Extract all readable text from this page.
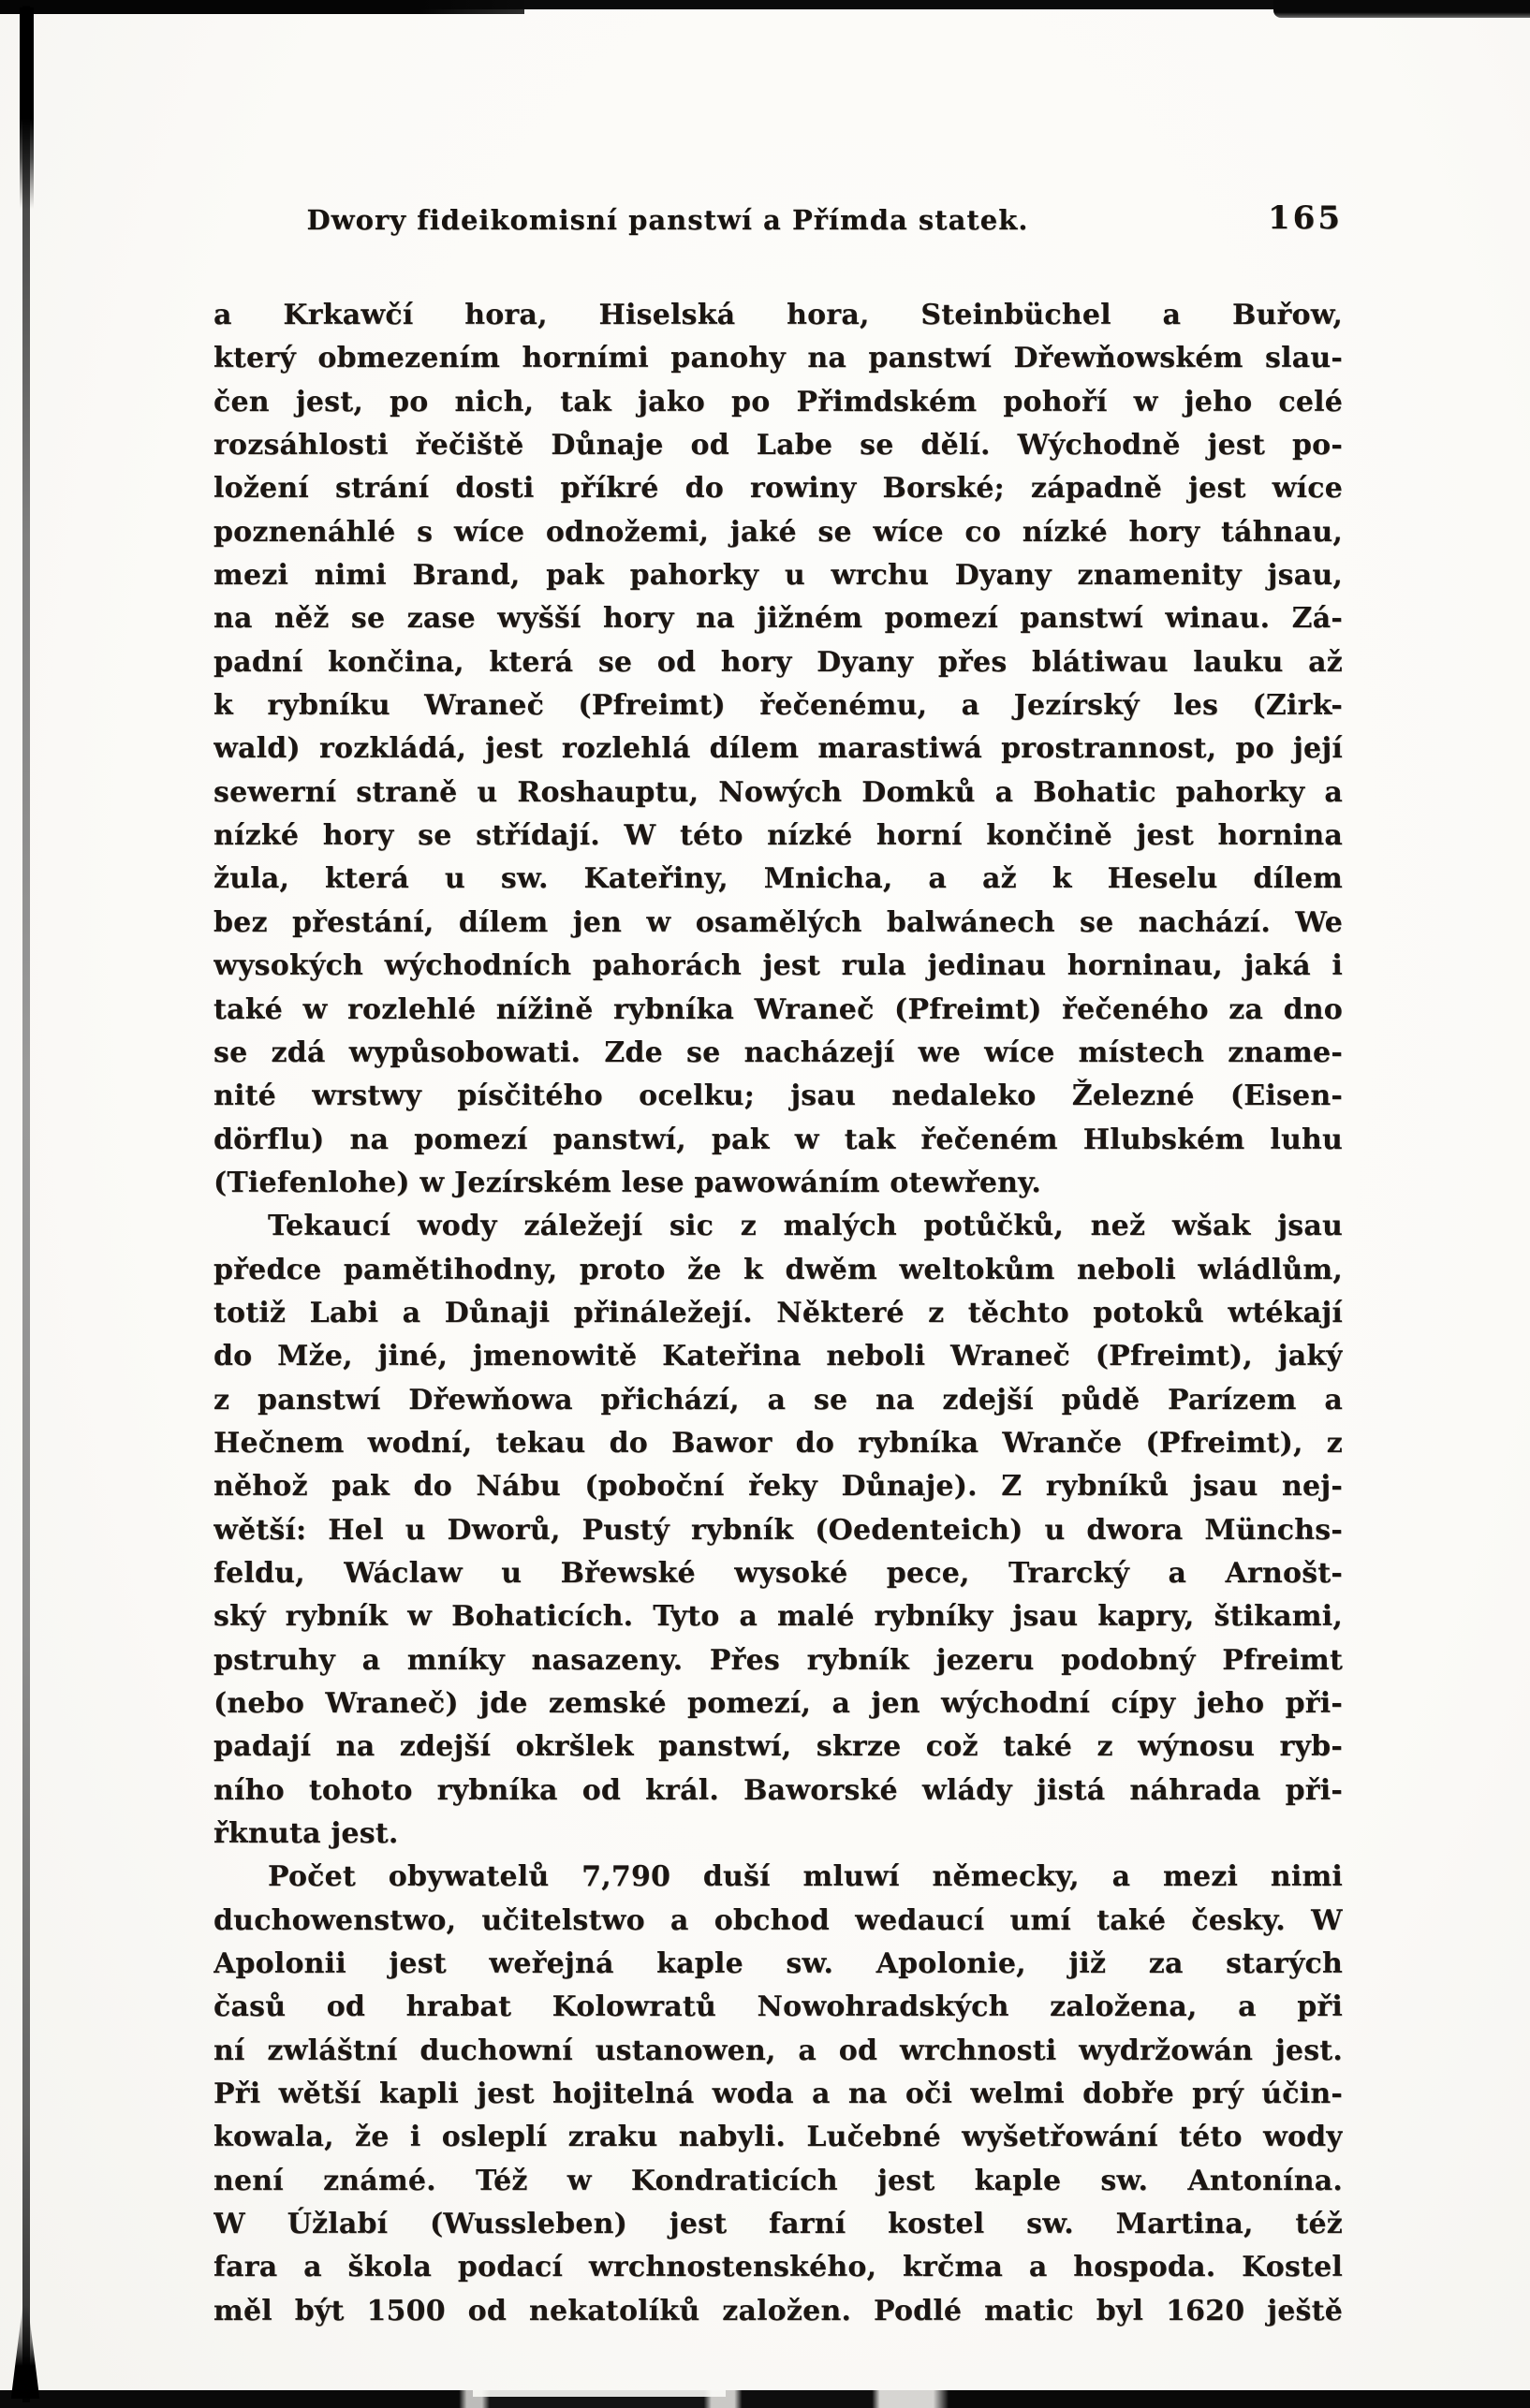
Dwory fideikomisní panstwí a Přímda statek.	165
a Krkawčí hora, Hiselská hora, Steinbüchel a Buřow,
který obmezením horními panohy na panstwí Dřewňowském slau-
čen jest, po nich, tak jako po Přimdském pohoří w jeho celé
rozsáhlosti řečiště Důnaje od Labe se dělí. Wýchodně jest po-
ložení strání dosti příkré do rowiny Borské; západně jest wíce
poznenáhlé s wíce odnožemi, jaké se wíce co nízké hory táhnau,
mezi nimi Brand, pak pahorky u wrchu Dyany znamenity jsau,
na něž se zase wyšší hory na jižném pomezí panstwí winau. Zá-
padní končina, která se od hory Dyany přes blátiwau lauku až
k rybníku Wraneč (Pfreimt) řečenému, a Jezírský les (Zirk-
wald) rozkládá, jest rozlehlá dílem marastiwá prostrannost, po její
sewerní straně u Roshauptu, Nowých Domků a Bohatic pahorky a
nízké hory se střídají. W této nízké horní končině jest hornina
žula, která u sw. Kateřiny, Mnicha, a až k Heselu dílem
bez přestání, dílem jen w osamělých balwánech se nachází. We
wysokých wýchodních pahorách jest rula jedinau horninau, jaká i
také w rozlehlé nížině rybníka Wraneč (Pfreimt) řečeného za dno
se zdá wypůsobowati. Zde se nacházejí we wíce místech zname-
nité wrstwy písčitého ocelku; jsau nedaleko Železné (Eisen-
dörflu) na pomezí panstwí, pak w tak řečeném Hlubském luhu
(Tiefenlohe) w Jezírském lese pawowáním otewřeny.
Tekaucí wody záležejí sic z malých potůčků, než wšak jsau
předce pamětihodny, proto že k dwěm weltokům neboli wládlům,
totiž Labi a Důnaji přináležejí. Některé z těchto potoků wtékají
do Mže, jiné, jmenowitě Kateřina neboli Wraneč (Pfreimt), jaký
z panstwí Dřewňowa přichází, a se na zdejší půdě Parízem a
Hečnem wodní, tekau do Bawor do rybníka Wranče (Pfreimt), z
něhož pak do Nábu (poboční řeky Důnaje). Z rybníků jsau nej-
wětší: Hel u Dworů, Pustý rybník (Oedenteich) u dwora Münchs-
feldu, Wáclaw u Břewské wysoké pece, Trarcký a Arnošt-
ský rybník w Bohaticích. Tyto a malé rybníky jsau kapry, štikami,
pstruhy a mníky nasazeny. Přes rybník jezeru podobný Pfreimt
(nebo Wraneč) jde zemské pomezí, a jen wýchodní cípy jeho při-
padají na zdejší okršlek panstwí, skrze což také z wýnosu ryb-
ního tohoto rybníka od král. Baworské wlády jistá náhrada při-
řknuta jest.
Počet obywatelů 7,790 duší mluwí německy, a mezi nimi
duchowenstwo, učitelstwo a obchod wedaucí umí také česky. W
Apolonii jest weřejná kaple sw. Apolonie, již za starých
časů od hrabat Kolowratů Nowohradských založena, a při
ní zwláštní duchowní ustanowen, a od wrchnosti wydržowán jest.
Při wětší kapli jest hojitelná woda a na oči welmi dobře prý účin-
kowala, že i osleplí zraku nabyli. Lučebné wyšetřowání této wody
není známé. Též w Kondraticích jest kaple sw. Antonína.
W Úžlabí (Wussleben) jest farní kostel sw. Martina, též
fara a škola podací wrchnostenského, krčma a hospoda. Kostel
měl být 1500 od nekatolíků založen. Podlé matic byl 1620 ještě
